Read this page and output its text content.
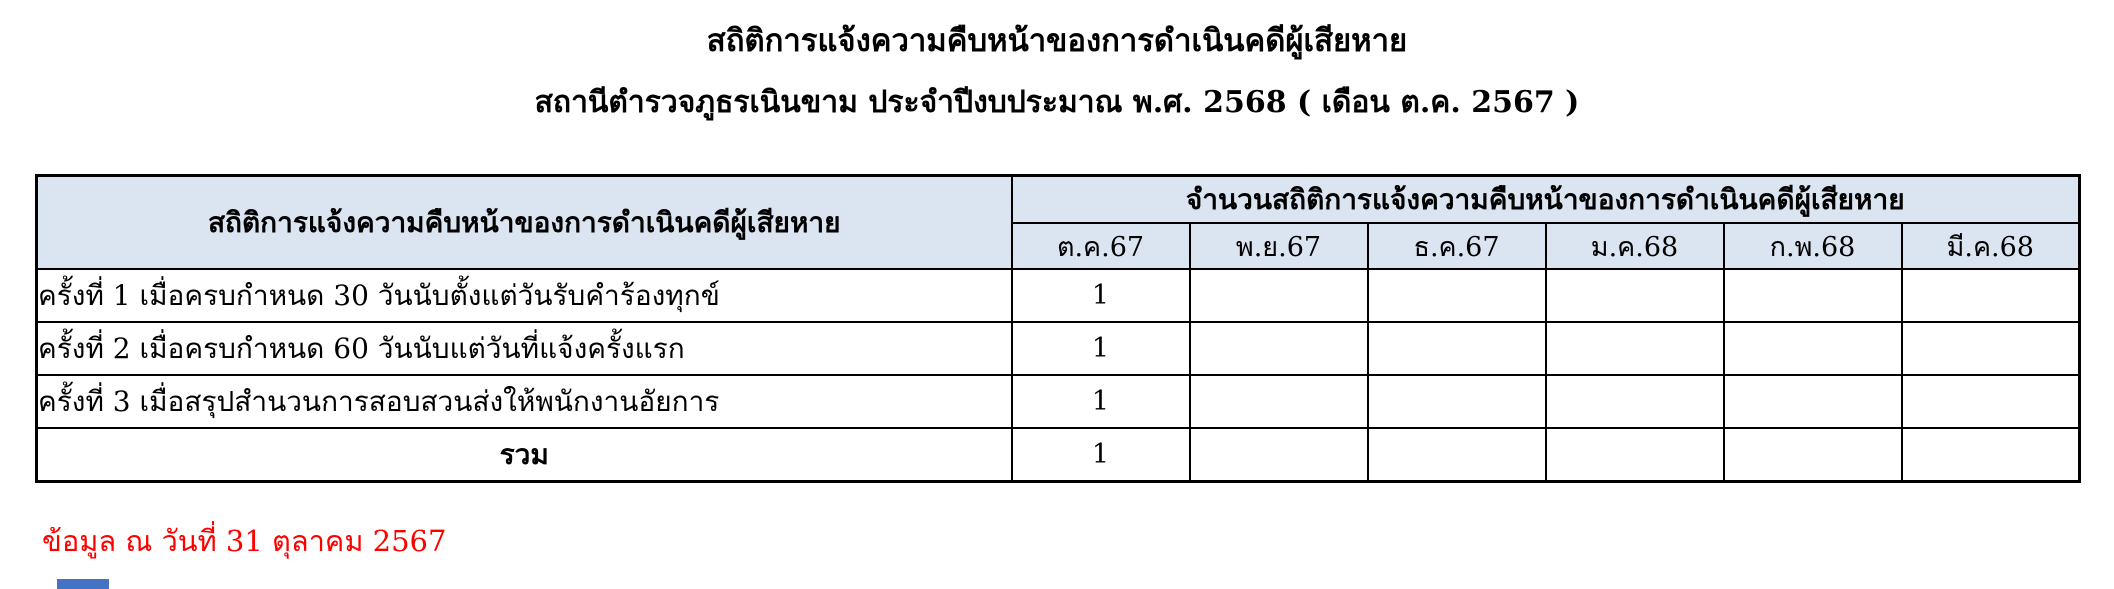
สถิติการแจ้งความคืบหน้าของการดำเนินคดีผู้เสียหาย
สถานีตำรวจภูธรเนินขาม ประจำปีงบประมาณ พ.ศ. 2568 ( เดือน ต.ค. 2567 )
สถิติการแจ้งความคืบหน้าของการดำเนินคดีผู้เสียหาย	จำนวนสถิติการแจ้งความคืบหน้าของการดำเนินคดีผู้เสียหาย					
	ต.ค.67	พ.ย.67	ธ.ค.67	ม.ค.68	ก.พ.68	มี.ค.68
ครั้งที่ 1 เมื่อครบกำหนด 30 วันนับตั้งแต่วันรับคำร้องทุกข์	1					
ครั้งที่ 2 เมื่อครบกำหนด 60 วันนับแต่วันที่แจ้งครั้งแรก	1					
ครั้งที่ 3 เมื่อสรุปสำนวนการสอบสวนส่งให้พนักงานอัยการ	1					
รวม	1					
ข้อมูล ณ วันที่ 31 ตุลาคม 2567
